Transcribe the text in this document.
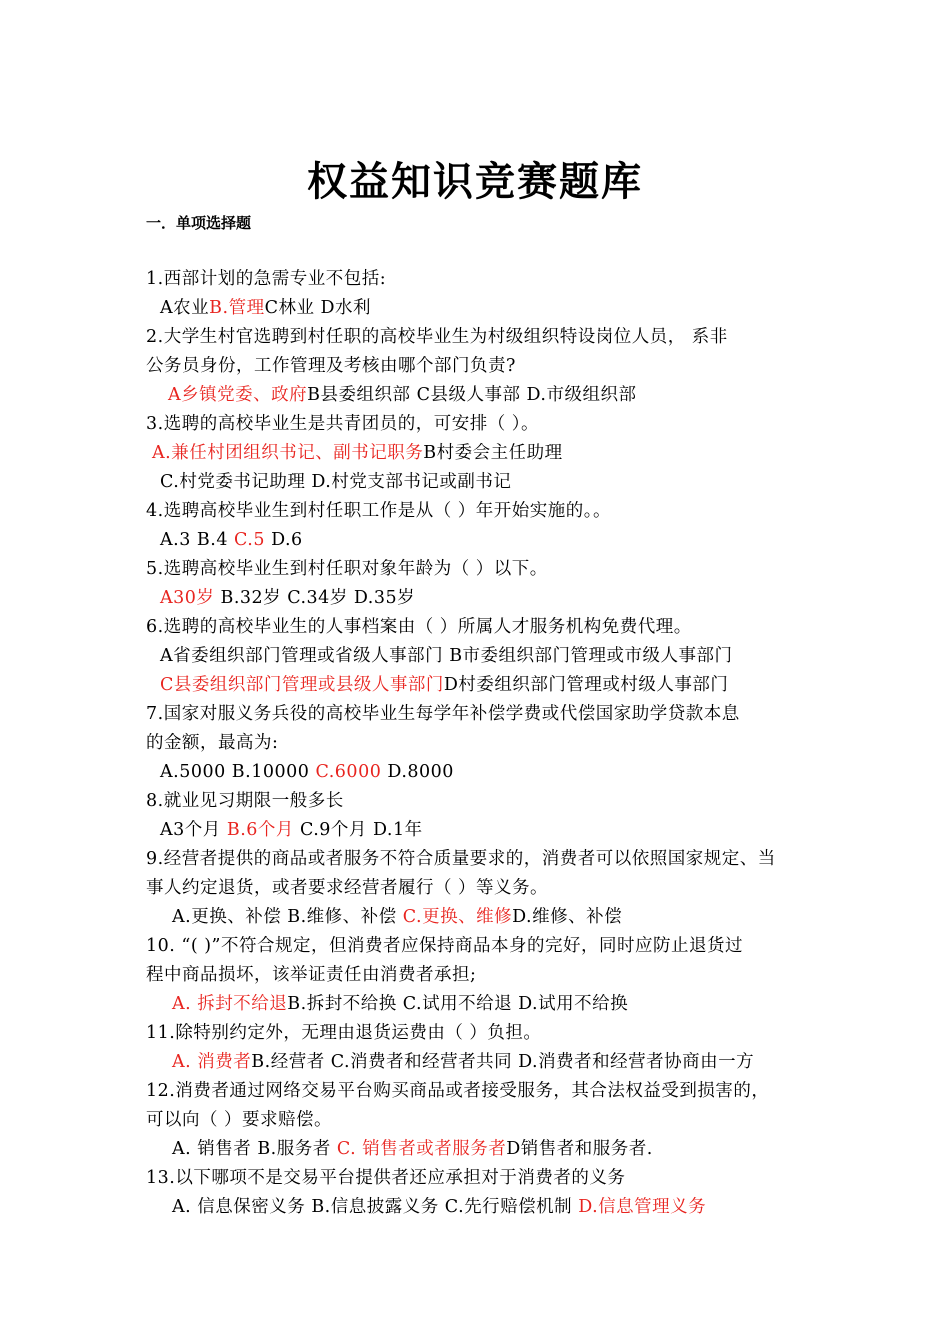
权益知识竞赛题库
一．单项选择题
1.西部计划的急需专业不包括:
A农业B.管理C林业 D水利
2.大学生村官选聘到村任职的高校毕业生为村级组织特设岗位人员， 系非
公务员身份，工作管理及考核由哪个部门负责?
A乡镇党委、政府B县委组织部 C县级人事部 D.市级组织部
3.选聘的高校毕业生是共青团员的，可安排（ ）。
A.兼任村团组织书记、副书记职务B村委会主任助理
C.村党委书记助理 D.村党支部书记或副书记
4.选聘高校毕业生到村任职工作是从（ ）年开始实施的。。
A.3 B.4 C.5 D.6
5.选聘高校毕业生到村任职对象年龄为（ ）以下。
A30岁 B.32岁 C.34岁 D.35岁
6.选聘的高校毕业生的人事档案由（ ）所属人才服务机构免费代理。
A省委组织部门管理或省级人事部门 B市委组织部门管理或市级人事部门
C县委组织部门管理或县级人事部门D村委组织部门管理或村级人事部门
7.国家对服义务兵役的高校毕业生每学年补偿学费或代偿国家助学贷款本息
的金额，最高为:
A.5000 B.10000 C.6000 D.8000
8.就业见习期限一般多长
A3个月 B.6个月 C.9个月 D.1年
9.经营者提供的商品或者服务不符合质量要求的，消费者可以依照国家规定、当
事人约定退货，或者要求经营者履行（ ）等义务。
A.更换、补偿 B.维修、补偿 C.更换、维修D.维修、补偿
10. “( )”不符合规定，但消费者应保持商品本身的完好，同时应防止退货过
程中商品损坏，该举证责任由消费者承担;
A. 拆封不给退B.拆封不给换 C.试用不给退 D.试用不给换
11.除特别约定外，无理由退货运费由（ ）负担。
A. 消费者B.经营者 C.消费者和经营者共同 D.消费者和经营者协商由一方
12.消费者通过网络交易平台购买商品或者接受服务，其合法权益受到损害的，
可以向（ ）要求赔偿。
A. 销售者 B.服务者 C. 销售者或者服务者D销售者和服务者.
13.以下哪项不是交易平台提供者还应承担对于消费者的义务
A. 信息保密义务 B.信息披露义务 C.先行赔偿机制 D.信息管理义务
